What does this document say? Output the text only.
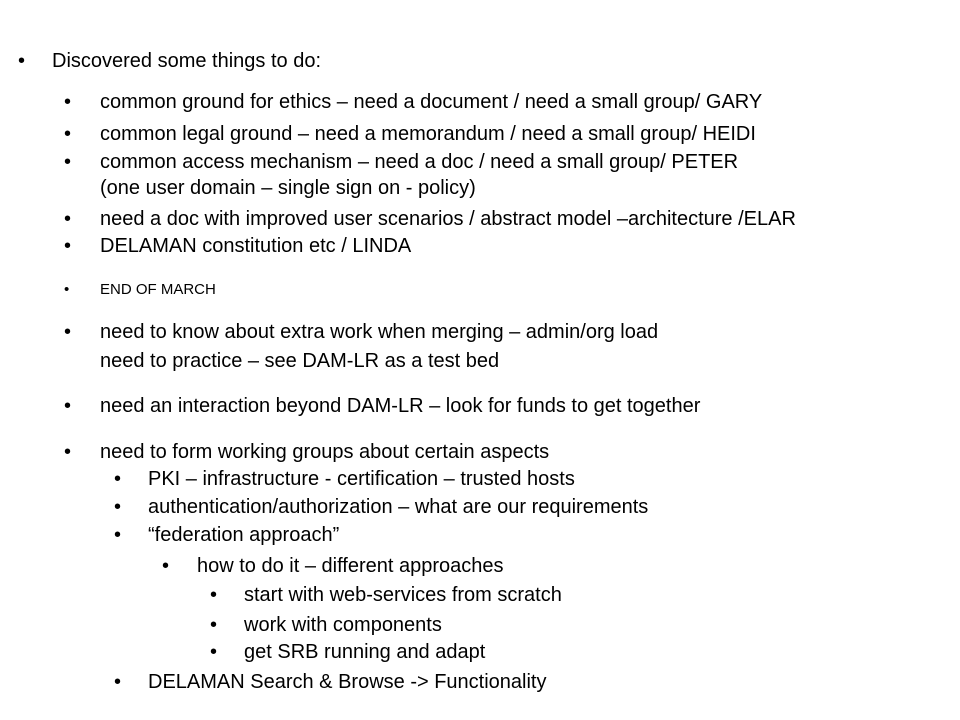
• Discovered some things to do:
• common ground for ethics – need a document / need a small group/ GARY
• common legal ground – need a memorandum / need a small group/ HEIDI
• common access mechanism – need a doc / need a small group/ PETER
(one user domain – single sign on - policy)
• need a doc with improved user scenarios / abstract model –architecture /ELAR
• DELAMAN constitution etc / LINDA
• END OF MARCH
• need to know about extra work when merging – admin/org load
need to practice – see DAM-LR as a test bed
• need an interaction beyond DAM-LR – look for funds to get together
• need to form working groups about certain aspects
• PKI – infrastructure - certification – trusted hosts
• authentication/authorization – what are our requirements
• “federation approach”
• how to do it – different approaches
• start with web-services from scratch
• work with components
• get SRB running and adapt
• DELAMAN Search & Browse -> Functionality
